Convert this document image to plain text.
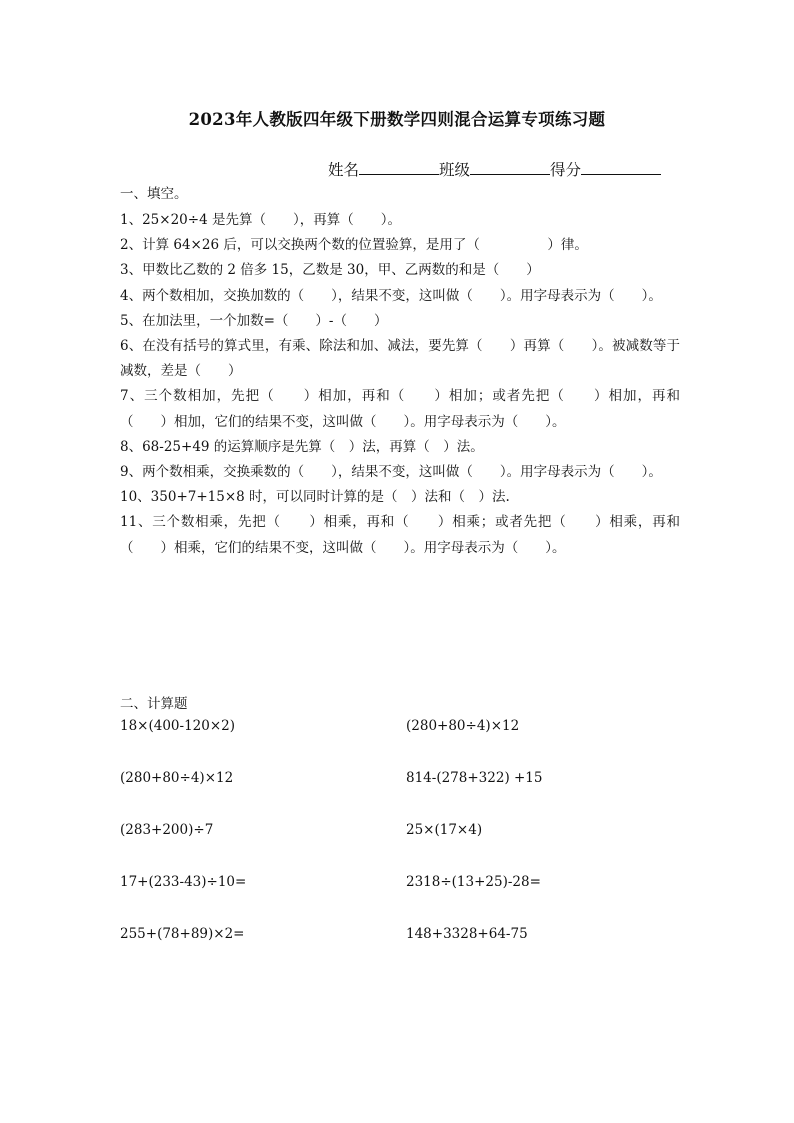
2023年人教版四年级下册数学四则混合运算专项练习题
姓名	班级	得分
一、填空。

1、25×20÷4 是先算（　　），再算（　　）。

2、计算 64×26 后，可以交换两个数的位置验算，是用了（　　　　　）律。

3、甲数比乙数的 2 倍多 15，乙数是 30，甲、乙两数的和是（　　）

4、两个数相加，交换加数的（　　），结果不变，这叫做（　　）。用字母表示为（　　）。

5、在加法里，一个加数=（　　）-（　　）

6、在没有括号的算式里，有乘、除法和加、减法，要先算（　　）再算（　　）。被减数等于减数，差是（　　）

7、三个数相加，先把（　　）相加，再和（　　）相加；或者先把（　　）相加，再和（　　）相加，它们的结果不变，这叫做（　　）。用字母表示为（　　）。

8、68-25+49 的运算顺序是先算（　）法，再算（　）法。

9、两个数相乘，交换乘数的（　　），结果不变，这叫做（　　）。用字母表示为（　　）。

10、350+7+15×8 时，可以同时计算的是（　）法和（　）法.

11、三个数相乘，先把（　　）相乘，再和（　　）相乘；或者先把（　　）相乘，再和（　　）相乘，它们的结果不变，这叫做（　　）。用字母表示为（　　）。

二、计算题
18×(400-120×2)	(280+80÷4)×12
(280+80÷4)×12	814-(278+322) +15
(283+200)÷7	25×(17×4)
17+(233-43)÷10=	2318÷(13+25)-28=
255+(78+89)×2=	148+3328+64-75
